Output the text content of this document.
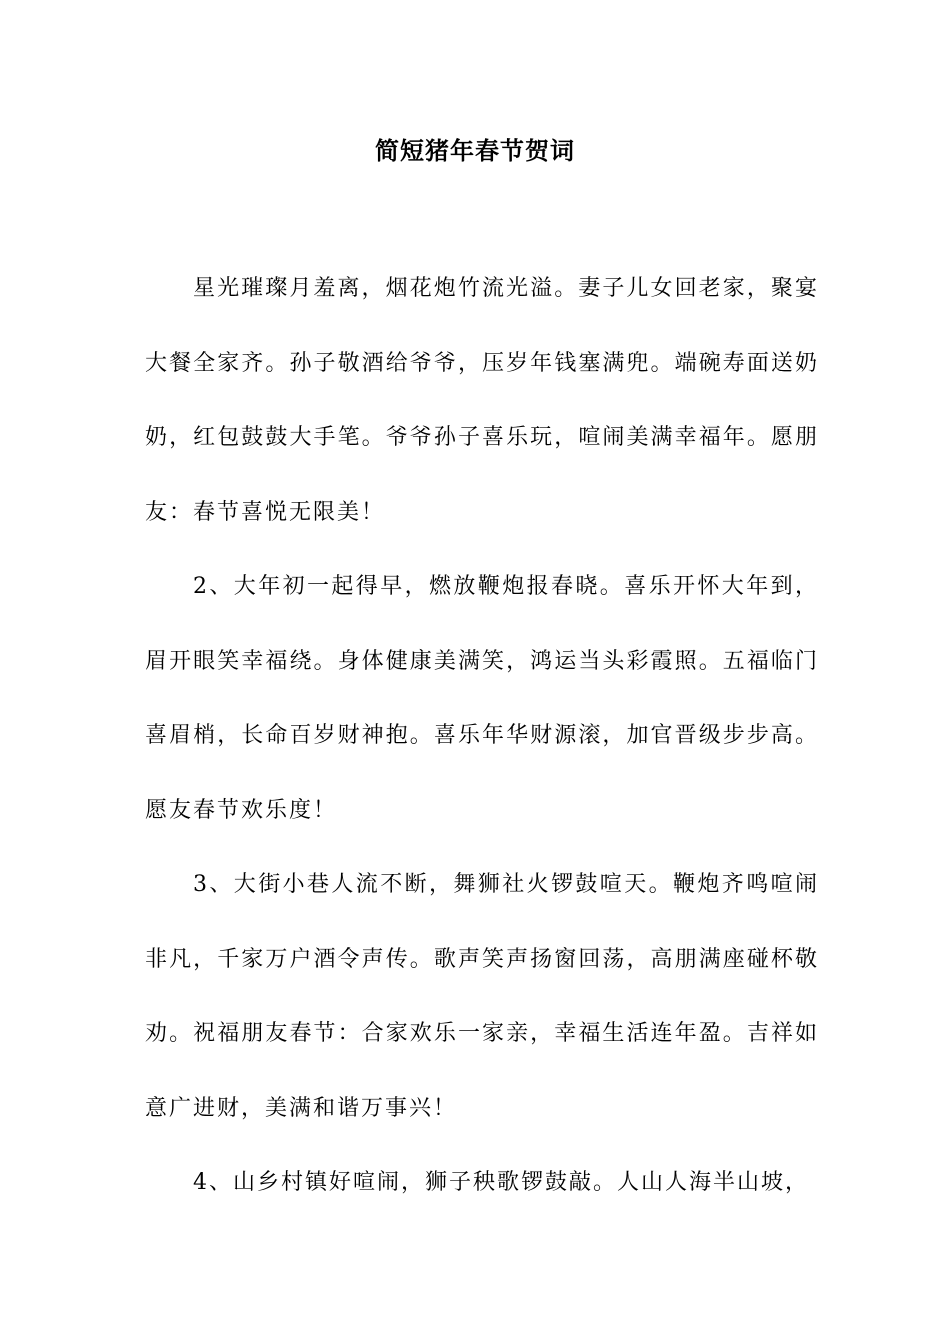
简短猪年春节贺词

星光璀璨月羞离，烟花炮竹流光溢。妻子儿女回老家，聚宴大餐全家齐。孙子敬酒给爷爷，压岁年钱塞满兜。端碗寿面送奶奶，红包鼓鼓大手笔。爷爷孙子喜乐玩，喧闹美满幸福年。愿朋友：春节喜悦无限美！

2、大年初一起得早，燃放鞭炮报春晓。喜乐开怀大年到，眉开眼笑幸福绕。身体健康美满笑，鸿运当头彩霞照。五福临门喜眉梢，长命百岁财神抱。喜乐年华财源滚，加官晋级步步高。愿友春节欢乐度！

3、大街小巷人流不断，舞狮社火锣鼓喧天。鞭炮齐鸣喧闹非凡，千家万户酒令声传。歌声笑声扬窗回荡，高朋满座碰杯敬劝。祝福朋友春节：合家欢乐一家亲，幸福生活连年盈。吉祥如意广进财，美满和谐万事兴！

4、山乡村镇好喧闹，狮子秧歌锣鼓敲。人山人海半山坡，
